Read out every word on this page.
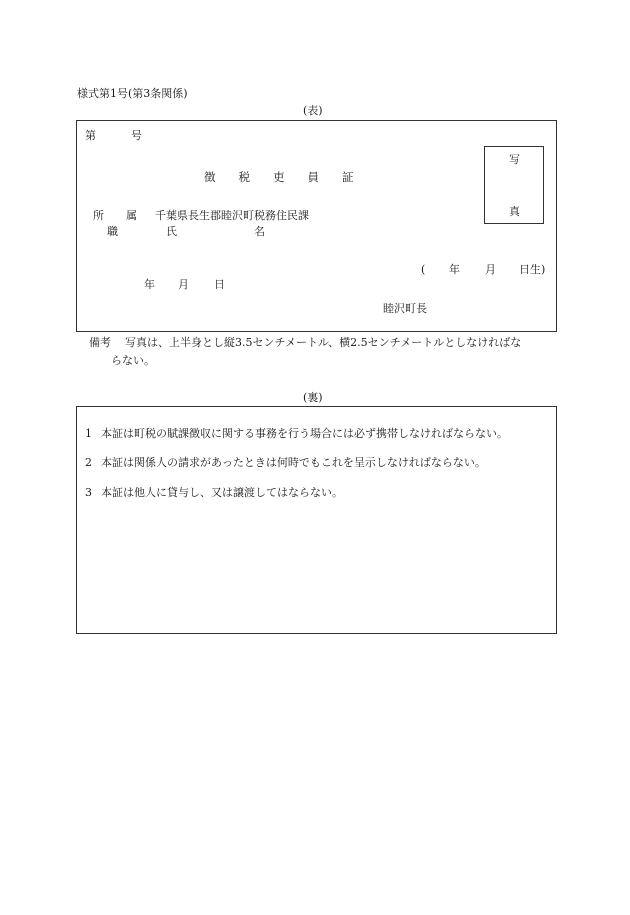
様式第1号(第3条関係)
(表)
第	号
徴　　税　　吏　　員　　証
写
真
所　　属 千葉県長生郡睦沢町税務住民課
職	氏　　　　　　　名
( 年 月 日生)
年 月 日
睦沢町長
備考 写真は、上半身とし縦3.5センチメートル、横2.5センチメートルとしなければな
らない。
(裏)
1 本証は町税の賦課徴収に関する事務を行う場合には必ず携帯しなければならない。
2 本証は関係人の請求があったときは何時でもこれを呈示しなければならない。
3 本証は他人に貸与し、又は譲渡してはならない。
